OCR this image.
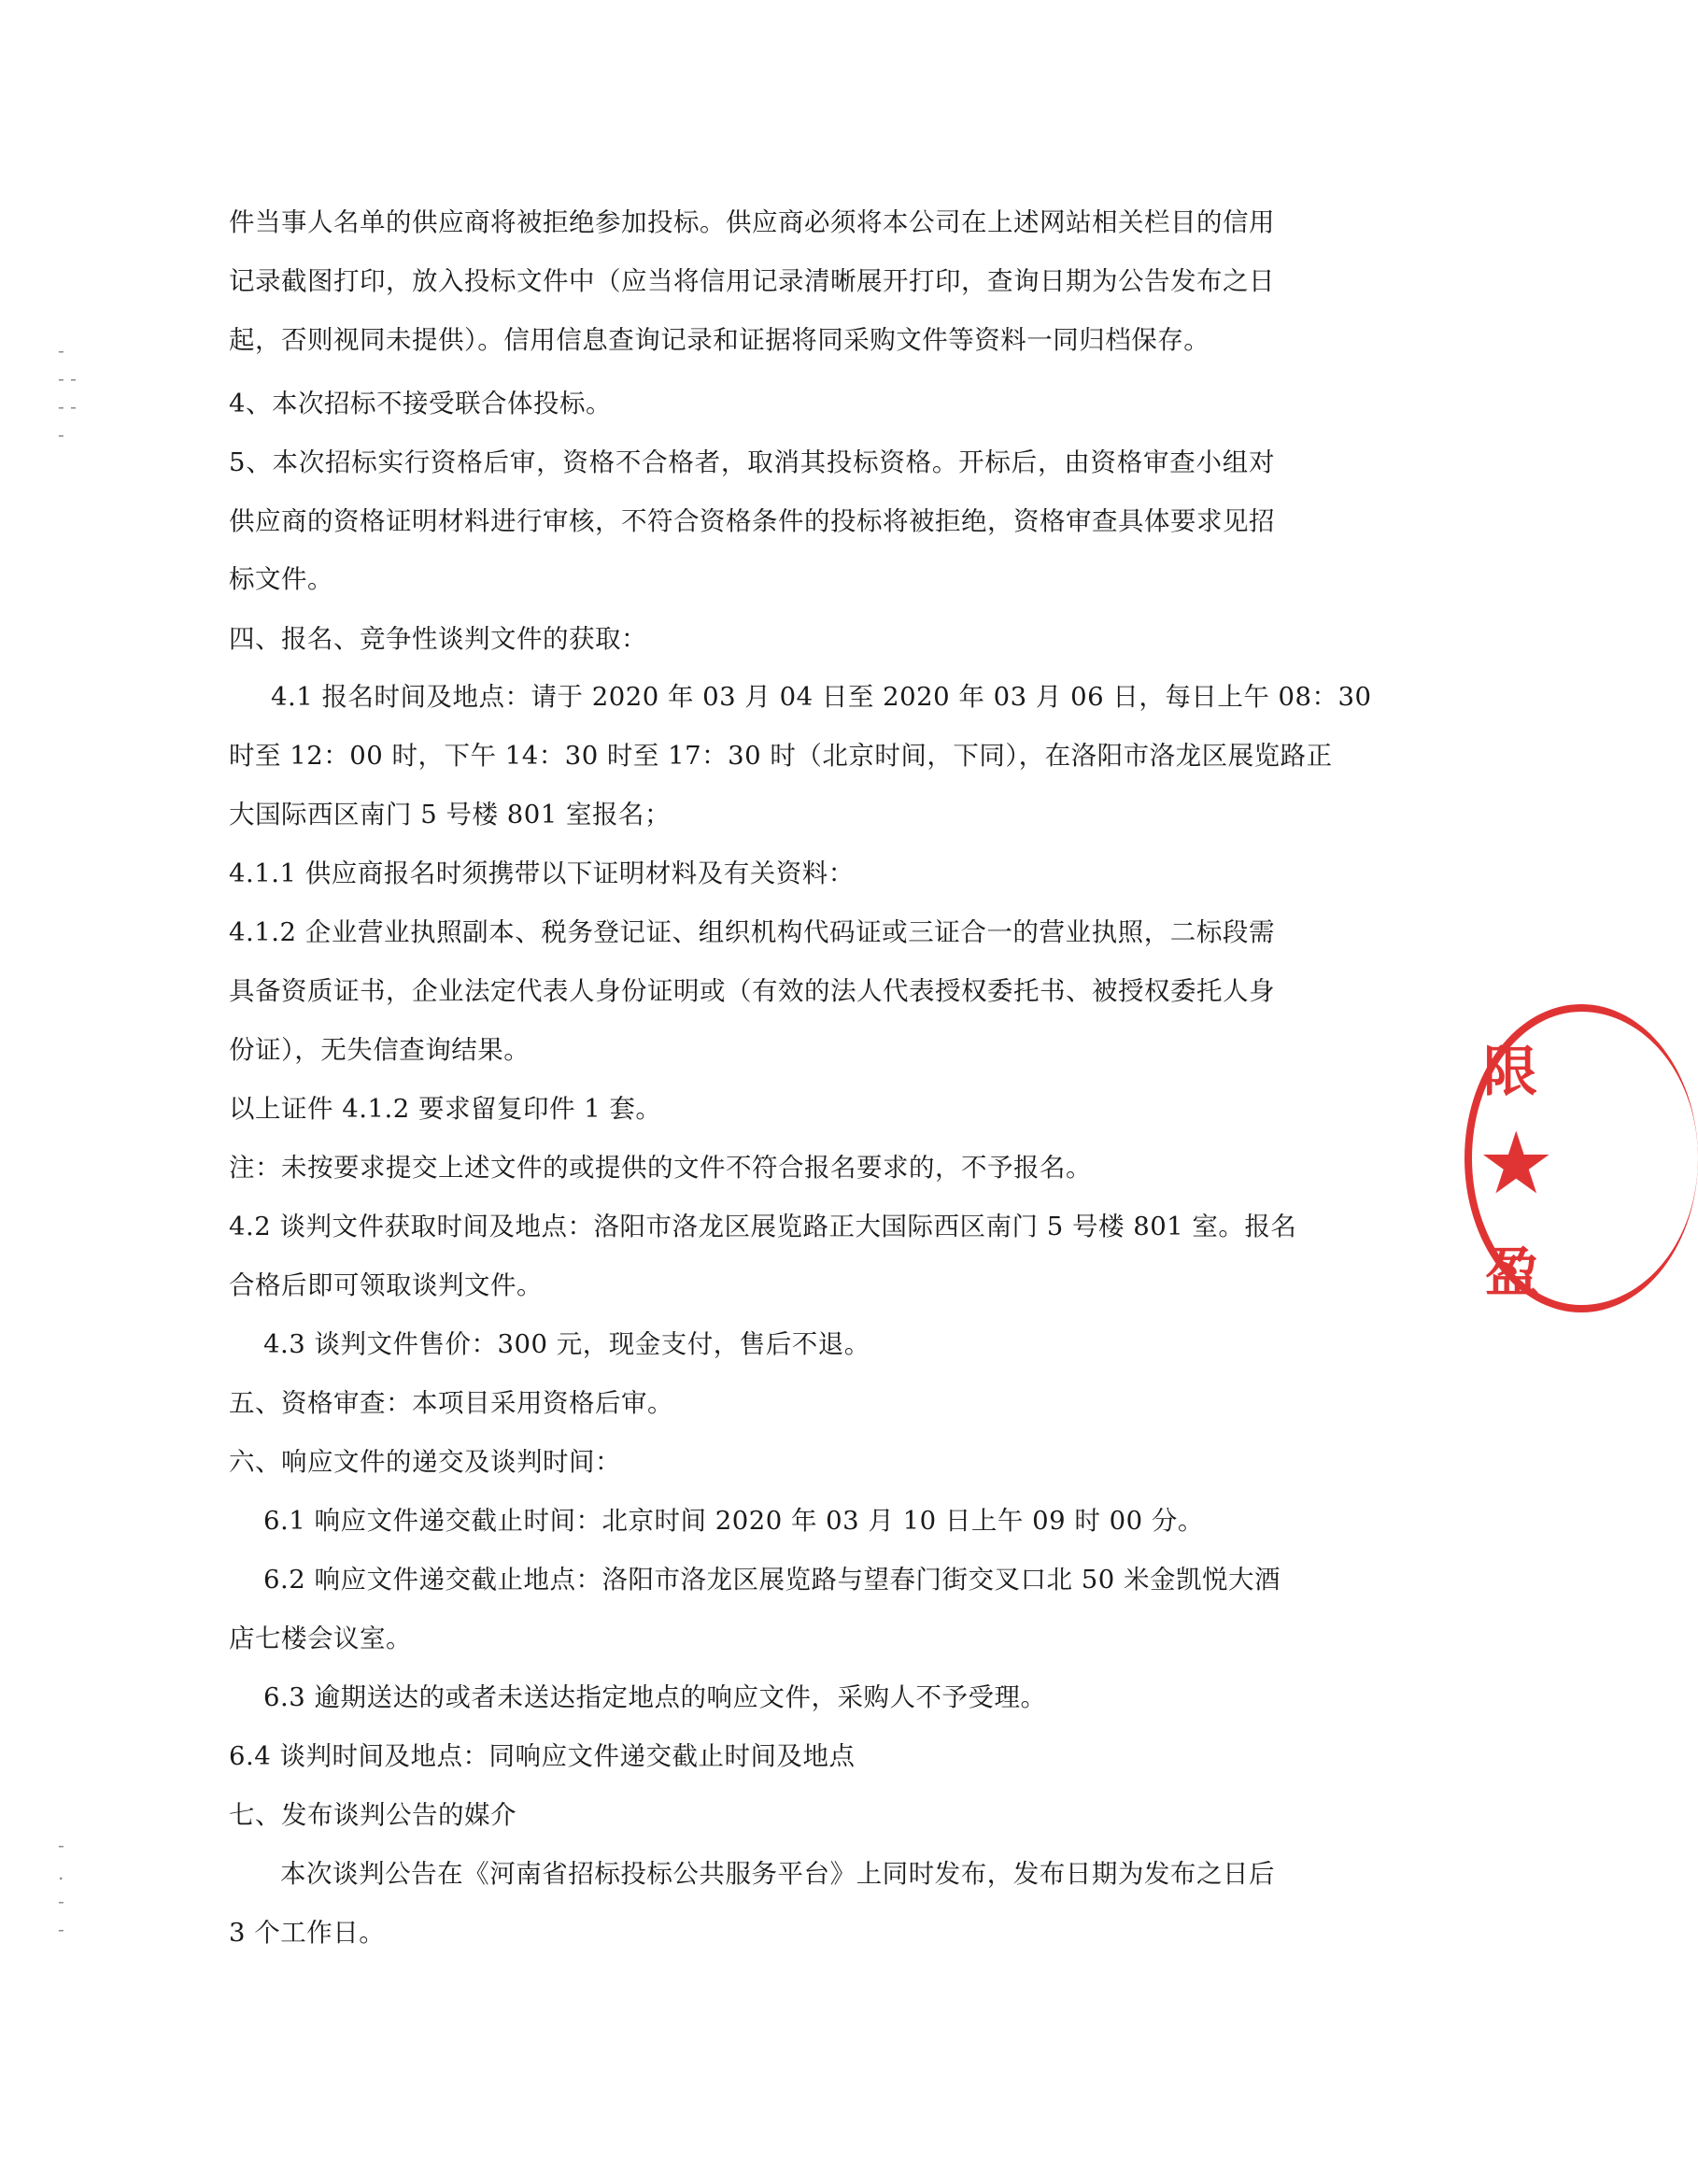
-
- -
- -
-
-
.
-
-
件当事人名单的供应商将被拒绝参加投标。供应商必须将本公司在上述网站相关栏目的信用
记录截图打印，放入投标文件中（应当将信用记录清晰展开打印，查询日期为公告发布之日
起，否则视同未提供）。信用信息查询记录和证据将同采购文件等资料一同归档保存。
4、本次招标不接受联合体投标。
5、本次招标实行资格后审，资格不合格者，取消其投标资格。开标后，由资格审查小组对
供应商的资格证明材料进行审核，不符合资格条件的投标将被拒绝，资格审查具体要求见招
标文件。
四、报名、竞争性谈判文件的获取：
4.1 报名时间及地点：请于 2020 年 03 月 04 日至 2020 年 03 月 06 日，每日上午 08：30
时至 12：00 时，下午 14：30 时至 17：30 时（北京时间，下同），在洛阳市洛龙区展览路正
大国际西区南门 5 号楼 801 室报名；
4.1.1 供应商报名时须携带以下证明材料及有关资料：
4.1.2 企业营业执照副本、税务登记证、组织机构代码证或三证合一的营业执照，二标段需
具备资质证书，企业法定代表人身份证明或（有效的法人代表授权委托书、被授权委托人身
份证），无失信查询结果。
以上证件 4.1.2 要求留复印件 1 套。
注：未按要求提交上述文件的或提供的文件不符合报名要求的，不予报名。
4.2 谈判文件获取时间及地点：洛阳市洛龙区展览路正大国际西区南门 5 号楼 801 室。报名
合格后即可领取谈判文件。
4.3 谈判文件售价：300 元，现金支付，售后不退。
五、资格审查：本项目采用资格后审。
六、响应文件的递交及谈判时间：
6.1 响应文件递交截止时间：北京时间 2020 年 03 月 10 日上午 09 时 00 分。
6.2 响应文件递交截止地点：洛阳市洛龙区展览路与望春门街交叉口北 50 米金凯悦大酒
店七楼会议室。
6.3 逾期送达的或者未送达指定地点的响应文件，采购人不予受理。
6.4 谈判时间及地点：同响应文件递交截止时间及地点
七、发布谈判公告的媒介
本次谈判公告在《河南省招标投标公共服务平台》上同时发布，发布日期为发布之日后
3 个工作日。
限
★
盈
